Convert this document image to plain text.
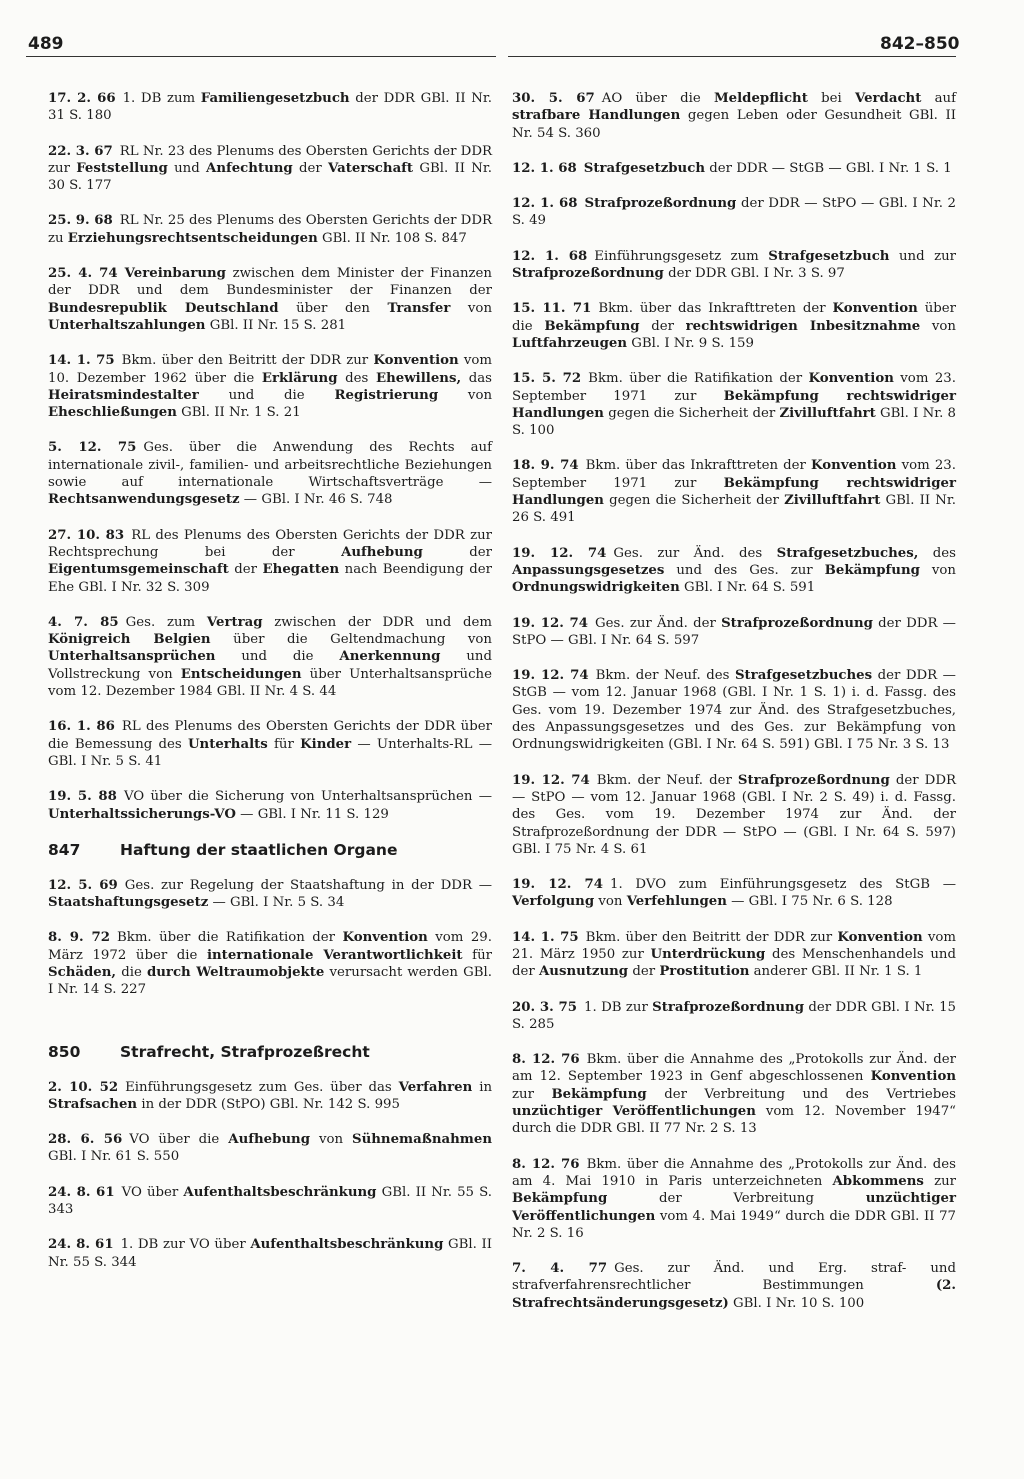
489	842–850

17. 2. 66 1. DB zum Familiengesetzbuch der DDR GBl. II Nr. 31 S. 180

22. 3. 67 RL Nr. 23 des Plenums des Obersten Gerichts der DDR zur Feststellung und Anfechtung der Vaterschaft GBl. II Nr. 30 S. 177

25. 9. 68 RL Nr. 25 des Plenums des Obersten Gerichts der DDR zu Erziehungsrechtsentscheidungen GBl. II Nr. 108 S. 847

25. 4. 74 Vereinbarung zwischen dem Minister der Finanzen der DDR und dem Bundesminister der Finanzen der Bundesrepublik Deutschland über den Transfer von Unterhaltszahlungen GBl. II Nr. 15 S. 281

14. 1. 75 Bkm. über den Beitritt der DDR zur Konvention vom 10. Dezember 1962 über die Erklärung des Ehewillens, das Heiratsmindestalter und die Registrierung von Eheschließungen GBl. II Nr. 1 S. 21

5. 12. 75 Ges. über die Anwendung des Rechts auf internationale zivil-, familien- und arbeitsrechtliche Beziehungen sowie auf internationale Wirtschaftsverträge — Rechtsanwendungsgesetz — GBl. I Nr. 46 S. 748

27. 10. 83 RL des Plenums des Obersten Gerichts der DDR zur Rechtsprechung bei der Aufhebung der Eigentumsgemeinschaft der Ehegatten nach Beendigung der Ehe GBl. I Nr. 32 S. 309

4. 7. 85 Ges. zum Vertrag zwischen der DDR und dem Königreich Belgien über die Geltendmachung von Unterhaltsansprüchen und die Anerkennung und Vollstreckung von Entscheidungen über Unterhaltsansprüche vom 12. Dezember 1984 GBl. II Nr. 4 S. 44

16. 1. 86 RL des Plenums des Obersten Gerichts der DDR über die Bemessung des Unterhalts für Kinder — Unterhalts-RL — GBl. I Nr. 5 S. 41

19. 5. 88 VO über die Sicherung von Unterhaltsansprüchen — Unterhaltssicherungs-VO — GBl. I Nr. 11 S. 129

847	Haftung der staatlichen Organe

12. 5. 69 Ges. zur Regelung der Staatshaftung in der DDR — Staatshaftungsgesetz — GBl. I Nr. 5 S. 34

8. 9. 72 Bkm. über die Ratifikation der Konvention vom 29. März 1972 über die internationale Verantwortlichkeit für Schäden, die durch Weltraumobjekte verursacht werden GBl. I Nr. 14 S. 227

850	Strafrecht, Strafprozeßrecht

2. 10. 52 Einführungsgesetz zum Ges. über das Verfahren in Strafsachen in der DDR (StPO) GBl. Nr. 142 S. 995

28. 6. 56 VO über die Aufhebung von Sühnemaßnahmen GBl. I Nr. 61 S. 550

24. 8. 61 VO über Aufenthaltsbeschränkung GBl. II Nr. 55 S. 343

24. 8. 61 1. DB zur VO über Aufenthaltsbeschränkung GBl. II Nr. 55 S. 344

30. 5. 67 AO über die Meldepflicht bei Verdacht auf strafbare Handlungen gegen Leben oder Gesundheit GBl. II Nr. 54 S. 360

12. 1. 68 Strafgesetzbuch der DDR — StGB — GBl. I Nr. 1 S. 1

12. 1. 68 Strafprozeßordnung der DDR — StPO — GBl. I Nr. 2 S. 49

12. 1. 68 Einführungsgesetz zum Strafgesetzbuch und zur Strafprozeßordnung der DDR GBl. I Nr. 3 S. 97

15. 11. 71 Bkm. über das Inkrafttreten der Konvention über die Bekämpfung der rechtswidrigen Inbesitznahme von Luftfahrzeugen GBl. I Nr. 9 S. 159

15. 5. 72 Bkm. über die Ratifikation der Konvention vom 23. September 1971 zur Bekämpfung rechtswidriger Handlungen gegen die Sicherheit der Zivilluftfahrt GBl. I Nr. 8 S. 100

18. 9. 74 Bkm. über das Inkrafttreten der Konvention vom 23. September 1971 zur Bekämpfung rechtswidriger Handlungen gegen die Sicherheit der Zivilluftfahrt GBl. II Nr. 26 S. 491

19. 12. 74 Ges. zur Änd. des Strafgesetzbuches, des Anpassungsgesetzes und des Ges. zur Bekämpfung von Ordnungswidrigkeiten GBl. I Nr. 64 S. 591

19. 12. 74 Ges. zur Änd. der Strafprozeßordnung der DDR — StPO — GBl. I Nr. 64 S. 597

19. 12. 74 Bkm. der Neuf. des Strafgesetzbuches der DDR — StGB — vom 12. Januar 1968 (GBl. I Nr. 1 S. 1) i. d. Fassg. des Ges. vom 19. Dezember 1974 zur Änd. des Strafgesetzbuches, des Anpassungsgesetzes und des Ges. zur Bekämpfung von Ordnungswidrigkeiten (GBl. I Nr. 64 S. 591) GBl. I 75 Nr. 3 S. 13

19. 12. 74 Bkm. der Neuf. der Strafprozeßordnung der DDR — StPO — vom 12. Januar 1968 (GBl. I Nr. 2 S. 49) i. d. Fassg. des Ges. vom 19. Dezember 1974 zur Änd. der Strafprozeßordnung der DDR — StPO — (GBl. I Nr. 64 S. 597) GBl. I 75 Nr. 4 S. 61

19. 12. 74 1. DVO zum Einführungsgesetz des StGB — Verfolgung von Verfehlungen — GBl. I 75 Nr. 6 S. 128

14. 1. 75 Bkm. über den Beitritt der DDR zur Konvention vom 21. März 1950 zur Unterdrückung des Menschenhandels und der Ausnutzung der Prostitution anderer GBl. II Nr. 1 S. 1

20. 3. 75 1. DB zur Strafprozeßordnung der DDR GBl. I Nr. 15 S. 285

8. 12. 76 Bkm. über die Annahme des „Protokolls zur Änd. der am 12. September 1923 in Genf abgeschlossenen Konvention zur Bekämpfung der Verbreitung und des Vertriebes unzüchtiger Veröffentlichungen vom 12. November 1947“ durch die DDR GBl. II 77 Nr. 2 S. 13

8. 12. 76 Bkm. über die Annahme des „Protokolls zur Änd. des am 4. Mai 1910 in Paris unterzeichneten Abkommens zur Bekämpfung der Verbreitung unzüchtiger Veröffentlichungen vom 4. Mai 1949“ durch die DDR GBl. II 77 Nr. 2 S. 16

7. 4. 77 Ges. zur Änd. und Erg. straf- und strafverfahrensrechtlicher Bestimmungen (2. Strafrechtsänderungsgesetz) GBl. I Nr. 10 S. 100
